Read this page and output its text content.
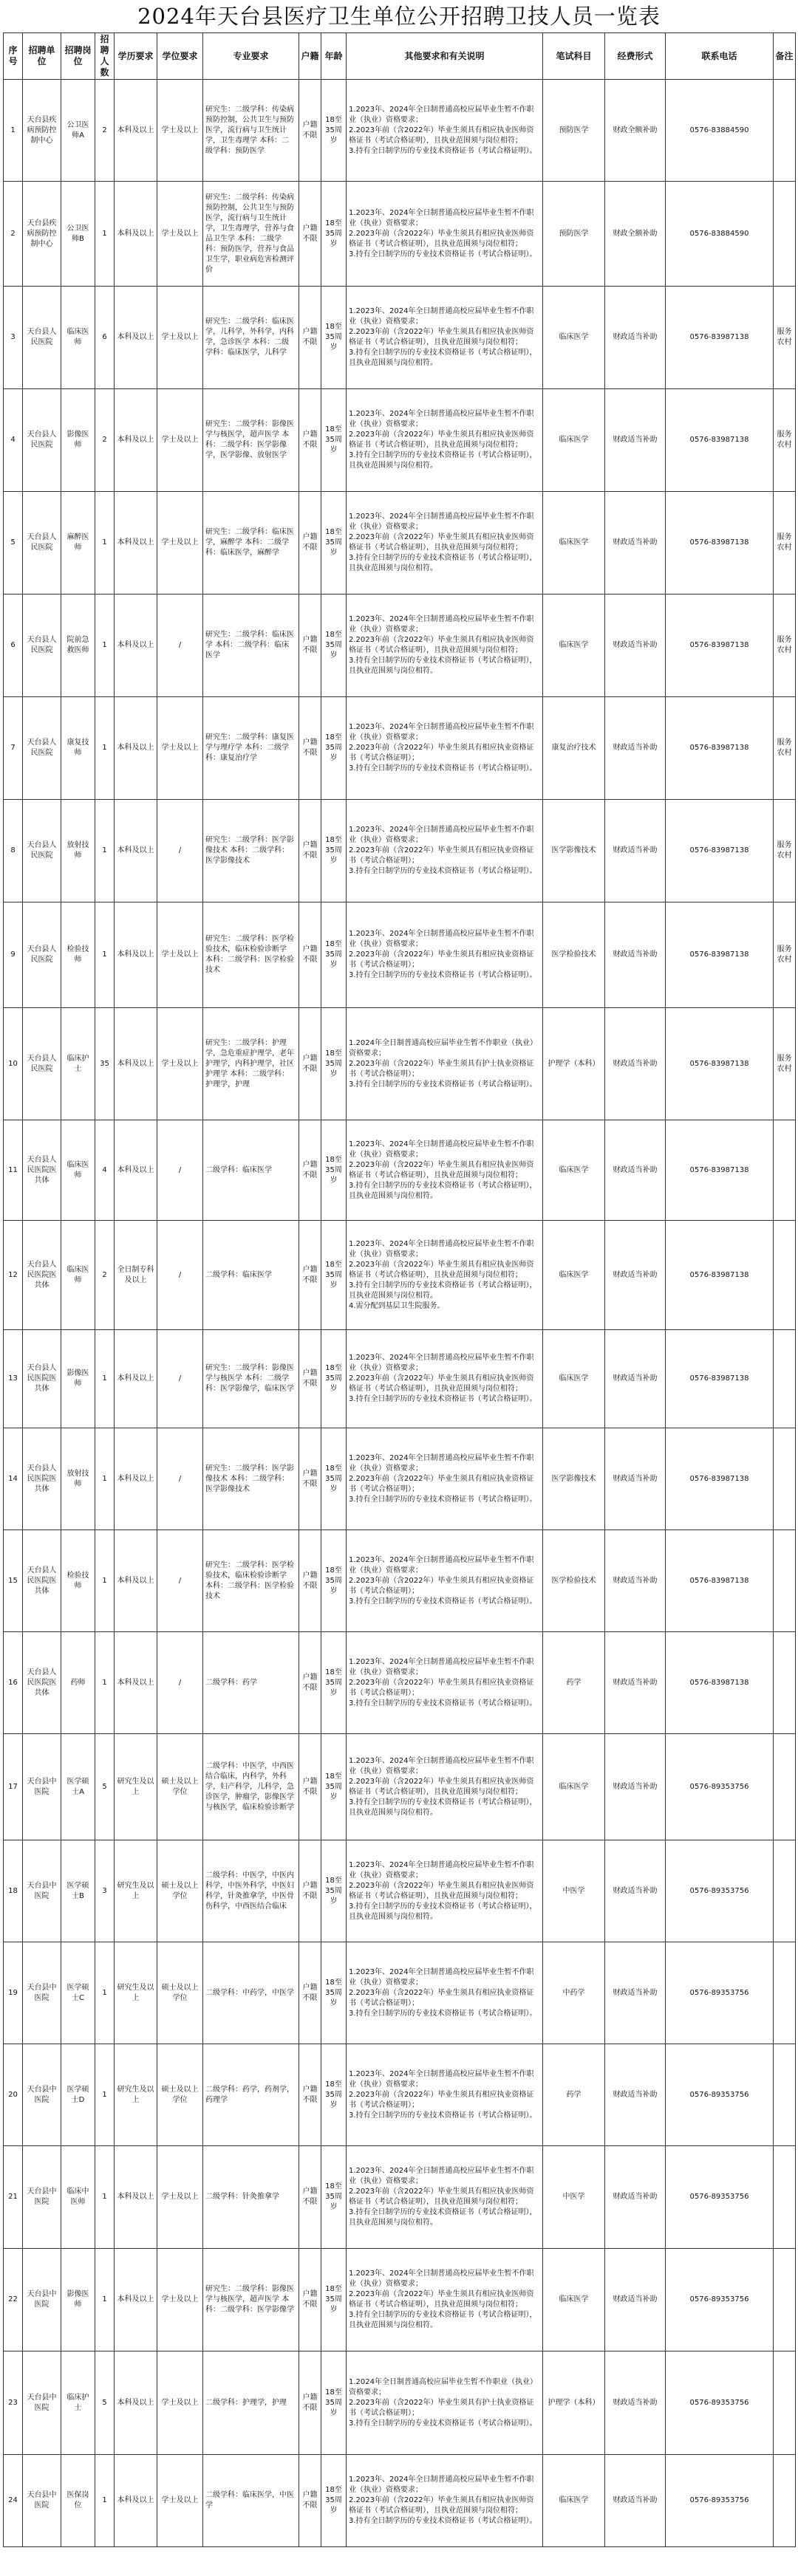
2024年天台县医疗卫生单位公开招聘卫技人员一览表
序号	招聘单位	招聘岗位	招聘人数	学历要求	学位要求	专业要求	户籍	年龄	其他要求和有关说明	笔试科目	经费形式	联系电话	备注
1	天台县疾病预防控制中心	公卫医师A	2	本科及以上	学士及以上	研究生：二级学科：传染病预防控制，公共卫生与预防医学，流行病与卫生统计学，卫生毒理学 本科：二级学科：预防医学	户籍不限	18至35周岁	1.2023年、2024年全日制普通高校应届毕业生暂不作职业（执业）资格要求；
2.2023年前（含2022年）毕业生须具有相应执业医师资格证书（考试合格证明），且执业范围须与岗位相符；
3.持有全日制学历的专业技术资格证书（考试合格证明）。	预防医学	财政全额补助	0576-83884590	
2	天台县疾病预防控制中心	公卫医师B	1	本科及以上	学士及以上	研究生：二级学科：传染病预防控制，公共卫生与预防医学，流行病与卫生统计学，卫生毒理学，营养与食品卫生学 本科：二级学科：预防医学，营养与食品卫生学，职业病危害检测评价	户籍不限	18至35周岁	1.2023年、2024年全日制普通高校应届毕业生暂不作职业（执业）资格要求；
2.2023年前（含2022年）毕业生须具有相应执业医师资格证书（考试合格证明），且执业范围须与岗位相符；
3.持有全日制学历的专业技术资格证书（考试合格证明）。	预防医学	财政全额补助	0576-83884590	
3	天台县人民医院	临床医师	6	本科及以上	学士及以上	研究生：二级学科：临床医学，儿科学，外科学，内科学，急诊医学 本科：二级学科：临床医学，儿科学	户籍不限	18至35周岁	1.2023年、2024年全日制普通高校应届毕业生暂不作职业（执业）资格要求；
2.2023年前（含2022年）毕业生须具有相应执业医师资格证书（考试合格证明），且执业范围须与岗位相符；
3.持有全日制学历的专业技术资格证书（考试合格证明），且执业范围须与岗位相符。	临床医学	财政适当补助	0576-83987138	服务农村
4	天台县人民医院	影像医师	2	本科及以上	学士及以上	研究生：二级学科：影像医学与核医学，超声医学 本科：二级学科：医学影像学，医学影像、放射医学	户籍不限	18至35周岁	1.2023年、2024年全日制普通高校应届毕业生暂不作职业（执业）资格要求；
2.2023年前（含2022年）毕业生须具有相应执业医师资格证书（考试合格证明），且执业范围须与岗位相符；
3.持有全日制学历的专业技术资格证书（考试合格证明），且执业范围须与岗位相符。	临床医学	财政适当补助	0576-83987138	服务农村
5	天台县人民医院	麻醉医师	1	本科及以上	学士及以上	研究生：二级学科：临床医学，麻醉学 本科：二级学科：临床医学，麻醉学	户籍不限	18至35周岁	1.2023年、2024年全日制普通高校应届毕业生暂不作职业（执业）资格要求；
2.2023年前（含2022年）毕业生须具有相应执业医师资格证书（考试合格证明），且执业范围须与岗位相符；
3.持有全日制学历的专业技术资格证书（考试合格证明），且执业范围须与岗位相符。	临床医学	财政适当补助	0576-83987138	服务农村
6	天台县人民医院	院前急救医师	1	本科及以上	/	研究生：二级学科：临床医学 本科：二级学科：临床医学	户籍不限	18至35周岁	1.2023年、2024年全日制普通高校应届毕业生暂不作职业（执业）资格要求；
2.2023年前（含2022年）毕业生须具有相应执业医师资格证书（考试合格证明），且执业范围须与岗位相符；
3.持有全日制学历的专业技术资格证书（考试合格证明），且执业范围须与岗位相符。	临床医学	财政适当补助	0576-83987138	服务农村
7	天台县人民医院	康复技师	1	本科及以上	学士及以上	研究生：二级学科：康复医学与理疗学 本科：二级学科：康复治疗学	户籍不限	18至35周岁	1.2023年、2024年全日制普通高校应届毕业生暂不作职业（执业）资格要求；
2.2023年前（含2022年）毕业生须具有相应执业资格证书（考试合格证明）；
3.持有全日制学历的专业技术资格证书（考试合格证明）。	康复治疗技术	财政适当补助	0576-83987138	服务农村
8	天台县人民医院	放射技师	1	本科及以上	/	研究生：二级学科：医学影像技术 本科：二级学科：医学影像技术	户籍不限	18至35周岁	1.2023年、2024年全日制普通高校应届毕业生暂不作职业（执业）资格要求；
2.2023年前（含2022年）毕业生须具有相应执业资格证书（考试合格证明）；
3.持有全日制学历的专业技术资格证书（考试合格证明）。	医学影像技术	财政适当补助	0576-83987138	服务农村
9	天台县人民医院	检验技师	1	本科及以上	学士及以上	研究生：二级学科：医学检验技术，临床检验诊断学 本科：二级学科：医学检验技术	户籍不限	18至35周岁	1.2023年、2024年全日制普通高校应届毕业生暂不作职业（执业）资格要求；
2.2023年前（含2022年）毕业生须具有相应执业资格证书（考试合格证明）；
3.持有全日制学历的专业技术资格证书（考试合格证明）。	医学检验技术	财政适当补助	0576-83987138	服务农村
10	天台县人民医院	临床护士	35	本科及以上	学士及以上	研究生：二级学科：护理学，急危重症护理学，老年护理学，内科护理学，社区护理学 本科：二级学科：护理学，护理	户籍不限	18至35周岁	1.2024年全日制普通高校应届毕业生暂不作职业（执业）资格要求；
2.2023年前（含2022年）毕业生须具有护士执业资格证书（考试合格证明）；
3.持有全日制学历的专业技术资格证书（考试合格证明）。	护理学（本科）	财政适当补助	0576-83987138	服务农村
11	天台县人民医院医共体	临床医师	4	本科及以上	/	二级学科：临床医学	户籍不限	18至35周岁	1.2023年、2024年全日制普通高校应届毕业生暂不作职业（执业）资格要求；
2.2023年前（含2022年）毕业生须具有相应执业医师资格证书（考试合格证明），且执业范围须与岗位相符；
3.持有全日制学历的专业技术资格证书（考试合格证明），且执业范围须与岗位相符。	临床医学	财政适当补助	0576-83987138	
12	天台县人民医院医共体	临床医师	2	全日制专科及以上	/	二级学科：临床医学	户籍不限	18至35周岁	1.2023年、2024年全日制普通高校应届毕业生暂不作职业（执业）资格要求；
2.2023年前（含2022年）毕业生须具有相应执业医师资格证书（考试合格证明），且执业范围须与岗位相符；
3.持有全日制学历的专业技术资格证书（考试合格证明），且执业范围须与岗位相符。
4.需分配到基层卫生院服务。	临床医学	财政适当补助	0576-83987138	
13	天台县人民医院医共体	影像医师	1	本科及以上	/	研究生：二级学科：影像医学与核医学 本科：二级学科：医学影像学，临床医学	户籍不限	18至35周岁	1.2023年、2024年全日制普通高校应届毕业生暂不作职业（执业）资格要求；
2.2023年前（含2022年）毕业生须具有相应执业医师资格证书（考试合格证明），且执业范围须与岗位相符；
3.持有全日制学历的专业技术资格证书（考试合格证明）。	临床医学	财政适当补助	0576-83987138	
14	天台县人民医院医共体	放射技师	1	本科及以上	/	研究生：二级学科：医学影像技术 本科：二级学科：医学影像技术	户籍不限	18至35周岁	1.2023年、2024年全日制普通高校应届毕业生暂不作职业（执业）资格要求；
2.2023年前（含2022年）毕业生须具有相应执业资格证书（考试合格证明）；
3.持有全日制学历的专业技术资格证书（考试合格证明）。	医学影像技术	财政适当补助	0576-83987138	
15	天台县人民医院医共体	检验技师	1	本科及以上	/	研究生：二级学科：医学检验技术，临床检验诊断学 本科：二级学科：医学检验技术	户籍不限	18至35周岁	1.2023年、2024年全日制普通高校应届毕业生暂不作职业（执业）资格要求；
2.2023年前（含2022年）毕业生须具有相应执业资格证书（考试合格证明）；
3.持有全日制学历的专业技术资格证书（考试合格证明）。	医学检验技术	财政适当补助	0576-83987138	
16	天台县人民医院医共体	药师	1	本科及以上	/	二级学科：药学	户籍不限	18至35周岁	1.2023年、2024年全日制普通高校应届毕业生暂不作职业（执业）资格要求；
2.2023年前（含2022年）毕业生须具有相应执业资格证书（考试合格证明）；
3.持有全日制学历的专业技术资格证书（考试合格证明）。	药学	财政适当补助	0576-83987138	
17	天台县中医院	医学硕士A	5	研究生及以上	硕士及以上学位	二级学科：中医学，中西医结合临床，内科学，外科学，妇产科学，儿科学，急诊医学，肿瘤学，影像医学与核医学，临床检验诊断学	户籍不限	18至35周岁	1.2023年、2024年全日制普通高校应届毕业生暂不作职业（执业）资格要求；
2.2023年前（含2022年）毕业生须具有相应执业医师资格证书（考试合格证明），且执业范围须与岗位相符；
3.持有全日制学历的专业技术资格证书（考试合格证明），且执业范围须与岗位相符。	临床医学	财政适当补助	0576-89353756	
18	天台县中医院	医学硕士B	3	研究生及以上	硕士及以上学位	二级学科：中医学，中医内科学，中医外科学，中医妇科学，针灸推拿学，中医骨伤科学，中西医结合临床	户籍不限	18至35周岁	1.2023年、2024年全日制普通高校应届毕业生暂不作职业（执业）资格要求；
2.2023年前（含2022年）毕业生须具有相应执业医师资格证书（考试合格证明），且执业范围须与岗位相符；
3.持有全日制学历的专业技术资格证书（考试合格证明），且执业范围须与岗位相符。	中医学	财政适当补助	0576-89353756	
19	天台县中医院	医学硕士C	1	研究生及以上	硕士及以上学位	二级学科：中药学，中医学	户籍不限	18至35周岁	1.2023年、2024年全日制普通高校应届毕业生暂不作职业（执业）资格要求；
2.2023年前（含2022年）毕业生须具有相应执业资格证书（考试合格证明）；
3.持有全日制学历的专业技术资格证书（考试合格证明）。	中药学	财政适当补助	0576-89353756	
20	天台县中医院	医学硕士D	1	研究生及以上	硕士及以上学位	二级学科：药学，药剂学，药理学	户籍不限	18至35周岁	1.2023年、2024年全日制普通高校应届毕业生暂不作职业（执业）资格要求；
2.2023年前（含2022年）毕业生须具有相应执业资格证书（考试合格证明）；
3.持有全日制学历的专业技术资格证书（考试合格证明）。	药学	财政适当补助	0576-89353756	
21	天台县中医院	临床中医师	1	本科及以上	学士及以上	二级学科：针灸推拿学	户籍不限	18至35周岁	1.2023年、2024年全日制普通高校应届毕业生暂不作职业（执业）资格要求；
2.2023年前（含2022年）毕业生须具有相应执业医师资格证书（考试合格证明），且执业范围须与岗位相符；
3.持有全日制学历的专业技术资格证书（考试合格证明），且执业范围须与岗位相符。	中医学	财政适当补助	0576-89353756	
22	天台县中医院	影像医师	1	本科及以上	学士及以上	研究生：二级学科：影像医学与核医学，超声医学 本科：二级学科：医学影像学	户籍不限	18至35周岁	1.2023年、2024年全日制普通高校应届毕业生暂不作职业（执业）资格要求；
2.2023年前（含2022年）毕业生须具有相应执业医师资格证书（考试合格证明），且执业范围须与岗位相符；
3.持有全日制学历的专业技术资格证书（考试合格证明），且执业范围须与岗位相符。	临床医学	财政适当补助	0576-89353756	
23	天台县中医院	临床护士	5	本科及以上	学士及以上	二级学科：护理学，护理	户籍不限	18至35周岁	1.2024年全日制普通高校应届毕业生暂不作职业（执业）资格要求；
2.2023年前（含2022年）毕业生须具有护士执业资格证书（考试合格证明）；
3.持有全日制学历的专业技术资格证书（考试合格证明）。	护理学（本科）	财政适当补助	0576-89353756	
24	天台县中医院	医保岗位	1	本科及以上	学士及以上	二级学科：临床医学，中医学	户籍不限	18至35周岁	1.2023年、2024年全日制普通高校应届毕业生暂不作职业（执业）资格要求；
2.2023年前（含2022年）毕业生须具有相应执业医师资格证书（考试合格证明），且执业范围须与岗位相符；
3.持有全日制学历的专业技术资格证书（考试合格证明）。	临床医学	财政适当补助	0576-89353756	
